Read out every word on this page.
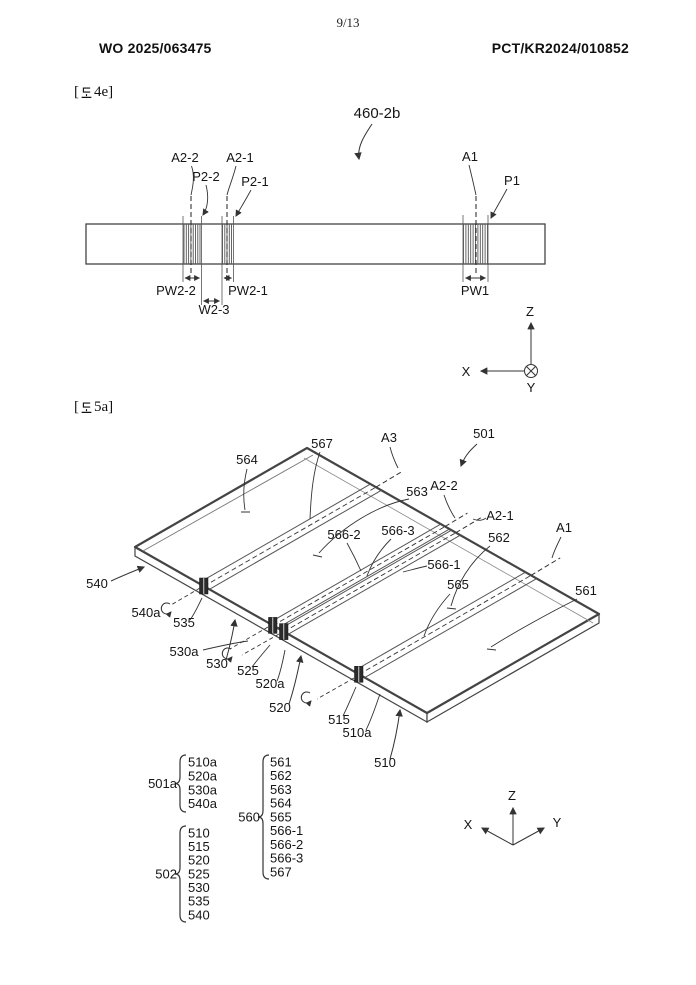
9/13
WO 2025/063475	PCT/KR2024/010852
[ 4e]
460-2b
A2-2 A2-1
P2-2 P2-1
A1
P1
PW2-2 PW2-1
W2-3
PW1
X
Z
Y
[ 5a]
501
A3
A2-2
A2-1
A1
564
567
563
566-2 566-3
566-1
562
565	561
540
540a
535
530a
530 525
520a
520
515
510a
510
501a
502
560
510a
520a
530a
540a
510
515
520
525
530
535
540
561
562
563
564
565
566-1
566-2
566-3
567
Z
X	Y
